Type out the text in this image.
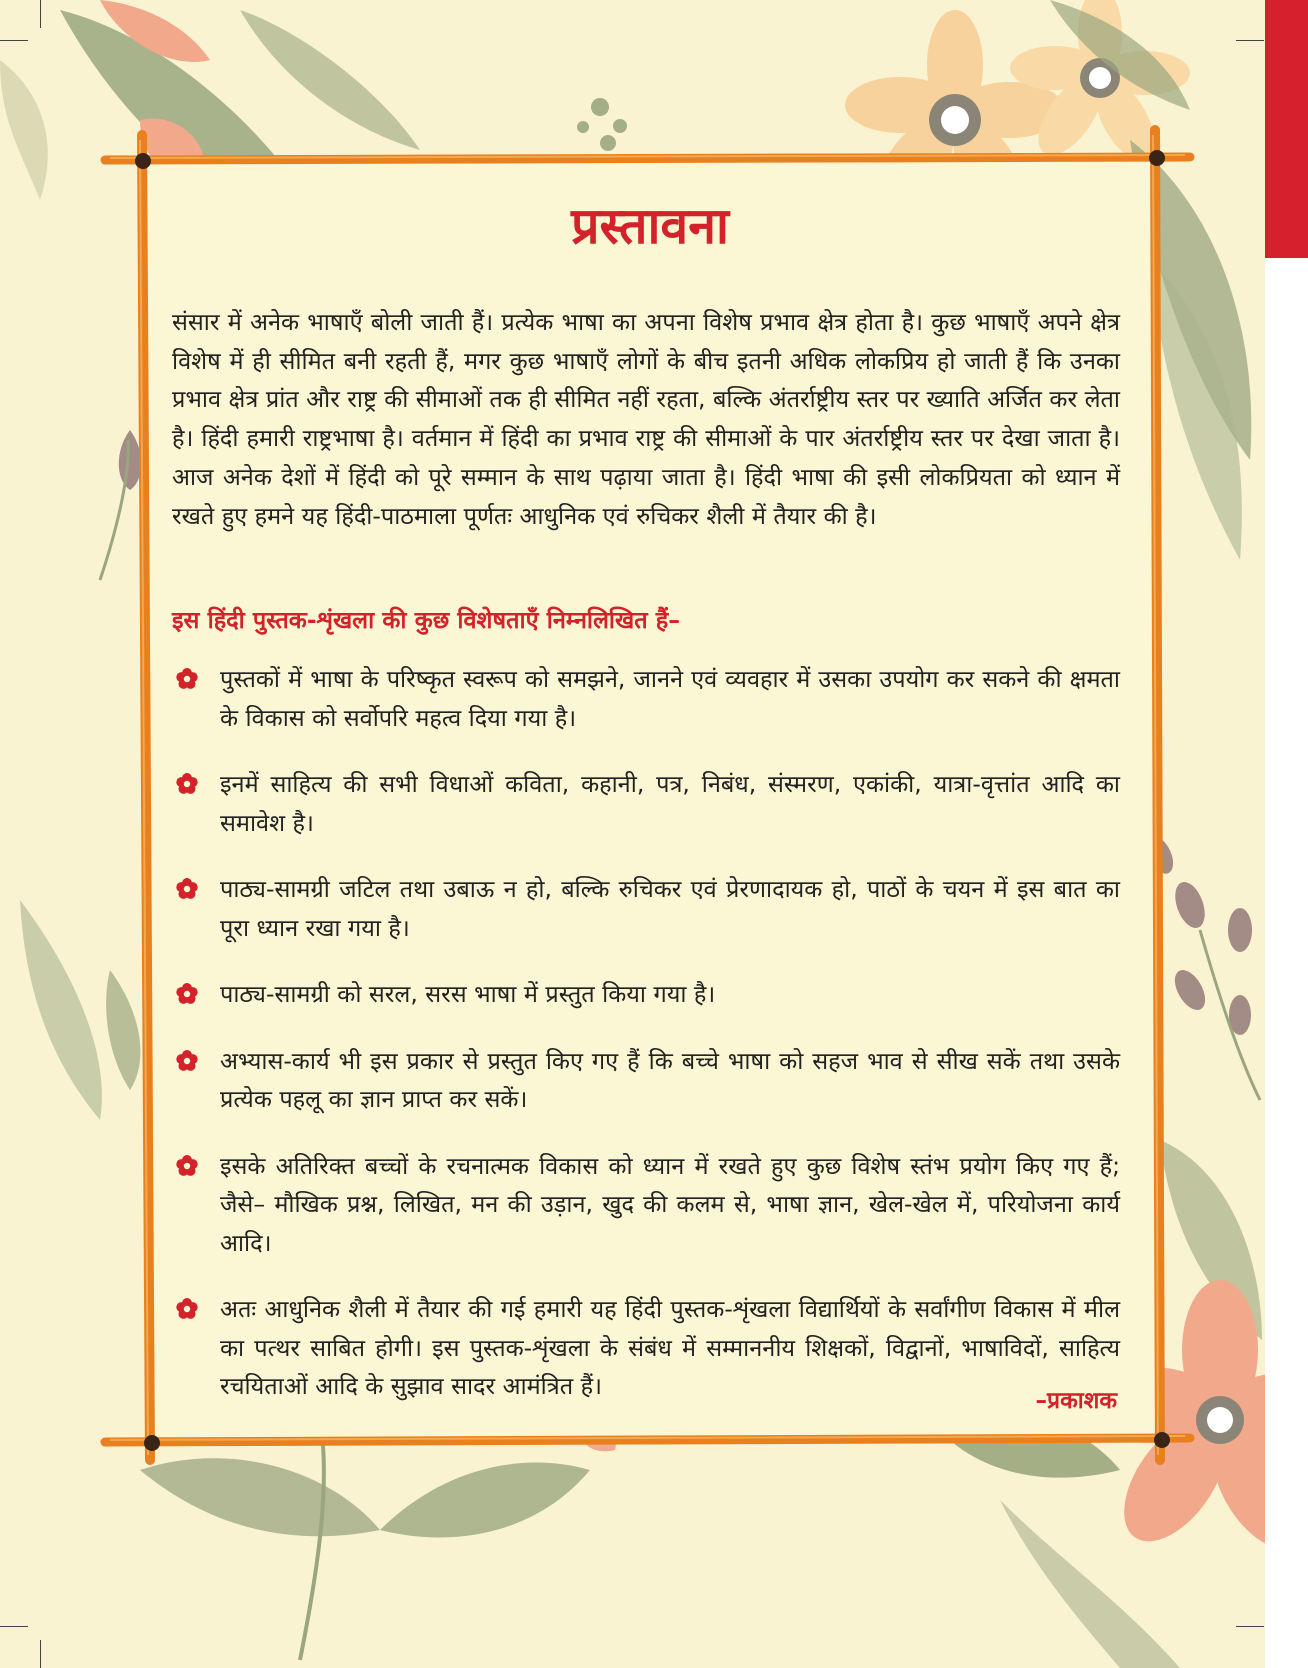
प्रस्तावना

संसार में अनेक भाषाएँ बोली जाती हैं। प्रत्येक भाषा का अपना विशेष प्रभाव क्षेत्र होता है। कुछ भाषाएँ अपने क्षेत्र विशेष में ही सीमित बनी रहती हैं, मगर कुछ भाषाएँ लोगों के बीच इतनी अधिक लोकप्रिय हो जाती हैं कि उनका प्रभाव क्षेत्र प्रांत और राष्ट्र की सीमाओं तक ही सीमित नहीं रहता, बल्कि अंतर्राष्ट्रीय स्तर पर ख्याति अर्जित कर लेता है। हिंदी हमारी राष्ट्रभाषा है। वर्तमान में हिंदी का प्रभाव राष्ट्र की सीमाओं के पार अंतर्राष्ट्रीय स्तर पर देखा जाता है। आज अनेक देशों में हिंदी को पूरे सम्मान के साथ पढ़ाया जाता है। हिंदी भाषा की इसी लोकप्रियता को ध्यान में रखते हुए हमने यह हिंदी-पाठमाला पूर्णतः आधुनिक एवं रुचिकर शैली में तैयार की है।

इस हिंदी पुस्तक-शृंखला की कुछ विशेषताएँ निम्नलिखित हैं–

पुस्तकों में भाषा के परिष्कृत स्वरूप को समझने, जानने एवं व्यवहार में उसका उपयोग कर सकने की क्षमता के विकास को सर्वोपरि महत्व दिया गया है।
इनमें साहित्य की सभी विधाओं कविता, कहानी, पत्र, निबंध, संस्मरण, एकांकी, यात्रा-वृत्तांत आदि का समावेश है।
पाठ्य-सामग्री जटिल तथा उबाऊ न हो, बल्कि रुचिकर एवं प्रेरणादायक हो, पाठों के चयन में इस बात का पूरा ध्यान रखा गया है।
पाठ्य-सामग्री को सरल, सरस भाषा में प्रस्तुत किया गया है।
अभ्यास-कार्य भी इस प्रकार से प्रस्तुत किए गए हैं कि बच्चे भाषा को सहज भाव से सीख सकें तथा उसके प्रत्येक पहलू का ज्ञान प्राप्त कर सकें।
इसके अतिरिक्त बच्चों के रचनात्मक विकास को ध्यान में रखते हुए कुछ विशेष स्तंभ प्रयोग किए गए हैं; जैसे– मौखिक प्रश्न, लिखित, मन की उड़ान, खुद की कलम से, भाषा ज्ञान, खेल-खेल में, परियोजना कार्य आदि।
अतः आधुनिक शैली में तैयार की गई हमारी यह हिंदी पुस्तक-शृंखला विद्यार्थियों के सर्वांगीण विकास में मील का पत्थर साबित होगी। इस पुस्तक-शृंखला के संबंध में सम्माननीय शिक्षकों, विद्वानों, भाषाविदों, साहित्य रचयिताओं आदि के सुझाव सादर आमंत्रित हैं।

–प्रकाशक
